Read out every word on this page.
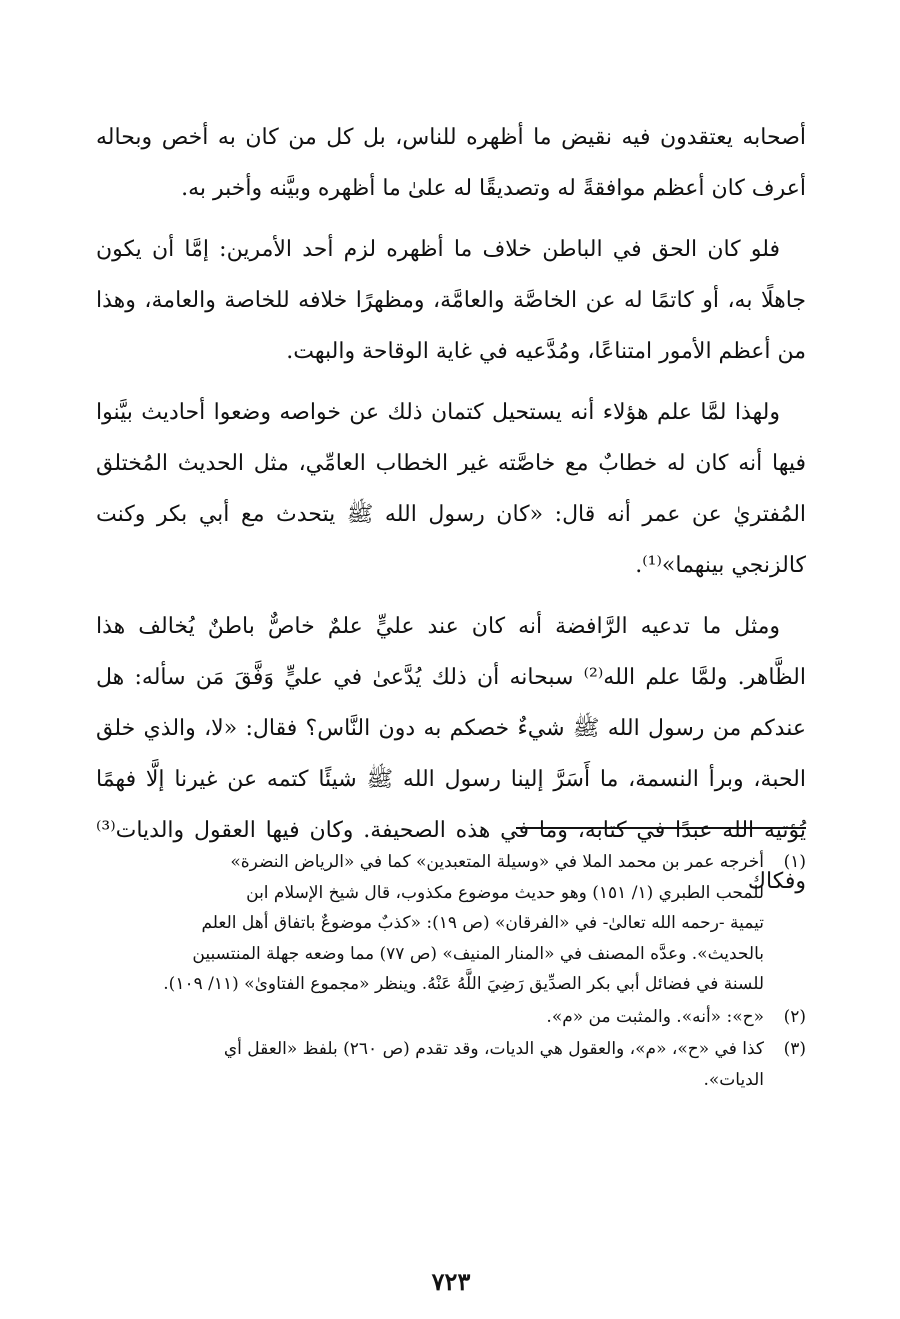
أصحابه يعتقدون فيه نقيض ما أظهره للناس، بل كل من كان به أخص وبحاله أعرف كان أعظم موافقةً له وتصديقًا له علىٰ ما أظهره وبيَّنه وأخبر به.

فلو كان الحق في الباطن خلاف ما أظهره لزم أحد الأمرين: إمَّا أن يكون جاهلًا به، أو كاتمًا له عن الخاصَّة والعامَّة، ومظهرًا خلافه للخاصة والعامة، وهذا من أعظم الأمور امتناعًا، ومُدَّعيه في غاية الوقاحة والبهت.

ولهذا لمَّا علم هؤلاء أنه يستحيل كتمان ذلك عن خواصه وضعوا أحاديث بيَّنوا فيها أنه كان له خطابٌ مع خاصَّته غير الخطاب العامِّي، مثل الحديث المُختلق المُفتريٰ عن عمر أنه قال: «كان رسول الله ﷺ يتحدث مع أبي بكر وكنت كالزنجي بينهما»⁽¹⁾.

ومثل ما تدعيه الرَّافضة أنه كان عند عليٍّ علمٌ خاصٌّ باطنٌ يُخالف هذا الظَّاهر. ولمَّا علم الله⁽²⁾ سبحانه أن ذلك يُدَّعىٰ في عليٍّ وَفَّقَ مَن سأله: هل عندكم من رسول الله ﷺ شيءٌ خصكم به دون النَّاس؟ فقال: «لا، والذي خلق الحبة، وبرأ النسمة، ما أَسَرَّ إلينا رسول الله ﷺ شيئًا كتمه عن غيرنا إلَّا فهمًا يُؤتيه الله عبدًا في كتابه، وما في هذه الصحيفة. وكان فيها العقول والديات⁽³⁾ وفكاك

(١)
أخرجه عمر بن محمد الملا في «وسيلة المتعبدين» كما في «الرياض النضرة»
للمحب الطبري (١/ ١٥١) وهو حديث موضوع مكذوب، قال شيخ الإسلام ابن
تيمية -رحمه الله تعالىٰ- في «الفرقان» (ص ١٩): «كذبٌ موضوعٌ باتفاق أهل العلم
بالحديث». وعدَّه المصنف في «المنار المنيف» (ص ٧٧) مما وضعه جهلة المنتسبين
للسنة في فضائل أبي بكر الصدِّيق رَضِيَ اللَّهُ عَنْهُ. وينظر «مجموع الفتاوىٰ» (١١/ ١٠٩).
(٢)
«ح»: «أنه». والمثبت من «م».
(٣)
كذا في «ح»، «م»، والعقول هي الديات، وقد تقدم (ص ٢٦٠) بلفظ «العقل أي
الديات».
٧٢٣
